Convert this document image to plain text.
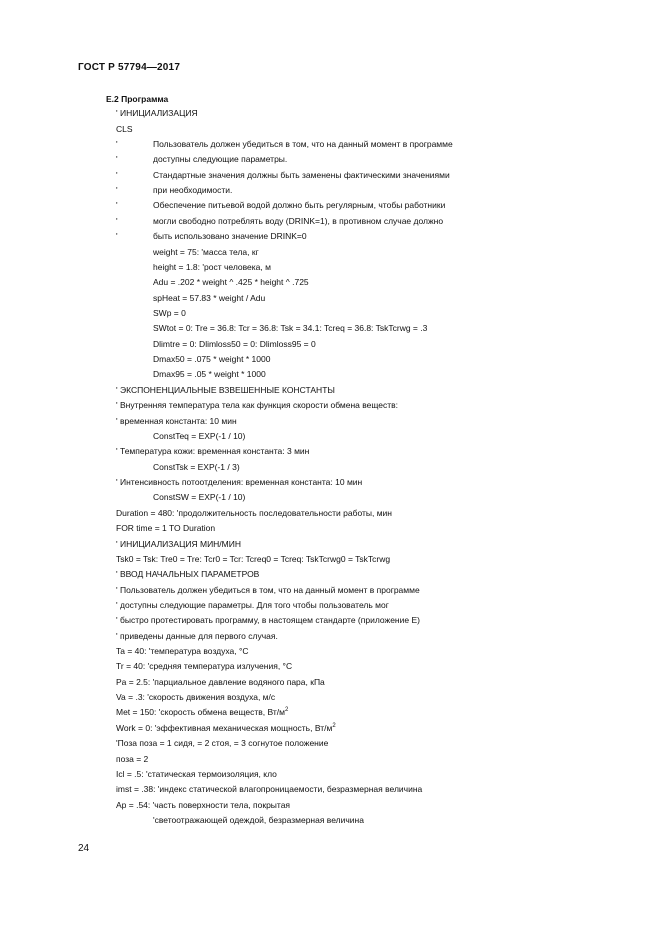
ГОСТ Р 57794—2017
Е.2 Программа
' ИНИЦИАЛИЗАЦИЯ
CLS
'	Пользователь должен убедиться в том, что на данный момент в программе
'	доступны следующие параметры.
'	Стандартные значения должны быть заменены фактическими значениями
'	при необходимости.
'	Обеспечение питьевой водой должно быть регулярным, чтобы работники
'	могли свободно потреблять воду (DRINK=1), в противном случае должно
'	быть использовано значение DRINK=0
weight = 75: 'масса тела, кг
height = 1.8: 'рост человека, м
Adu = .202 * weight ^ .425 * height ^ .725
spHeat = 57.83 * weight / Adu
SWp = 0
SWtot = 0: Tre = 36.8: Tcr = 36.8: Tsk = 34.1: Tcreq = 36.8: TskTcrwg = .3
Dlimtre = 0: Dlimloss50 = 0: Dlimloss95 = 0
Dmax50 = .075 * weight * 1000
Dmax95 = .05 * weight * 1000
' ЭКСПОНЕНЦИАЛЬНЫЕ ВЗВЕШЕННЫЕ КОНСТАНТЫ
' Внутренняя температура тела как функция скорости обмена веществ:
' временная константа: 10 мин
ConstTeq = EXP(-1 / 10)
' Температура кожи: временная константа: 3 мин
ConstTsk = EXP(-1 / 3)
' Интенсивность потоотделения: временная константа: 10 мин
ConstSW = EXP(-1 / 10)
Duration = 480: 'продолжительность последовательности работы, мин
FOR time = 1 TO Duration
' ИНИЦИАЛИЗАЦИЯ МИН/МИН
Tsk0 = Tsk: Tre0 = Tre: Tcr0 = Tcr: Tcreq0 = Tcreq: TskTcrwg0 = TskTcrwg
' ВВОД НАЧАЛЬНЫХ ПАРАМЕТРОВ
' Пользователь должен убедиться в том, что на данный момент в программе
' доступны следующие параметры. Для того чтобы пользователь мог
' быстро протестировать программу, в настоящем стандарте (приложение Е)
' приведены данные для первого случая.
Ta = 40: 'температура воздуха, °С
Tr = 40: 'средняя температура излучения, °С
Pa = 2.5: 'парциальное давление водяного пара, кПа
Va = .3: 'скорость движения воздуха, м/с
Met = 150: 'скорость обмена веществ, $Вт/м^2$
Work = 0: 'эффективная механическая мощность, $Вт/м^2$
'Поза поза = 1 сидя, = 2 стоя, = 3 согнутое положение
поза = 2
Icl = .5: 'статическая термоизоляция, кло
imst = .38: 'индекс статической влагопроницаемости, безразмерная величина
Ap = .54: 'часть поверхности тела, покрытая
'светоотражающей одеждой, безразмерная величина
24
